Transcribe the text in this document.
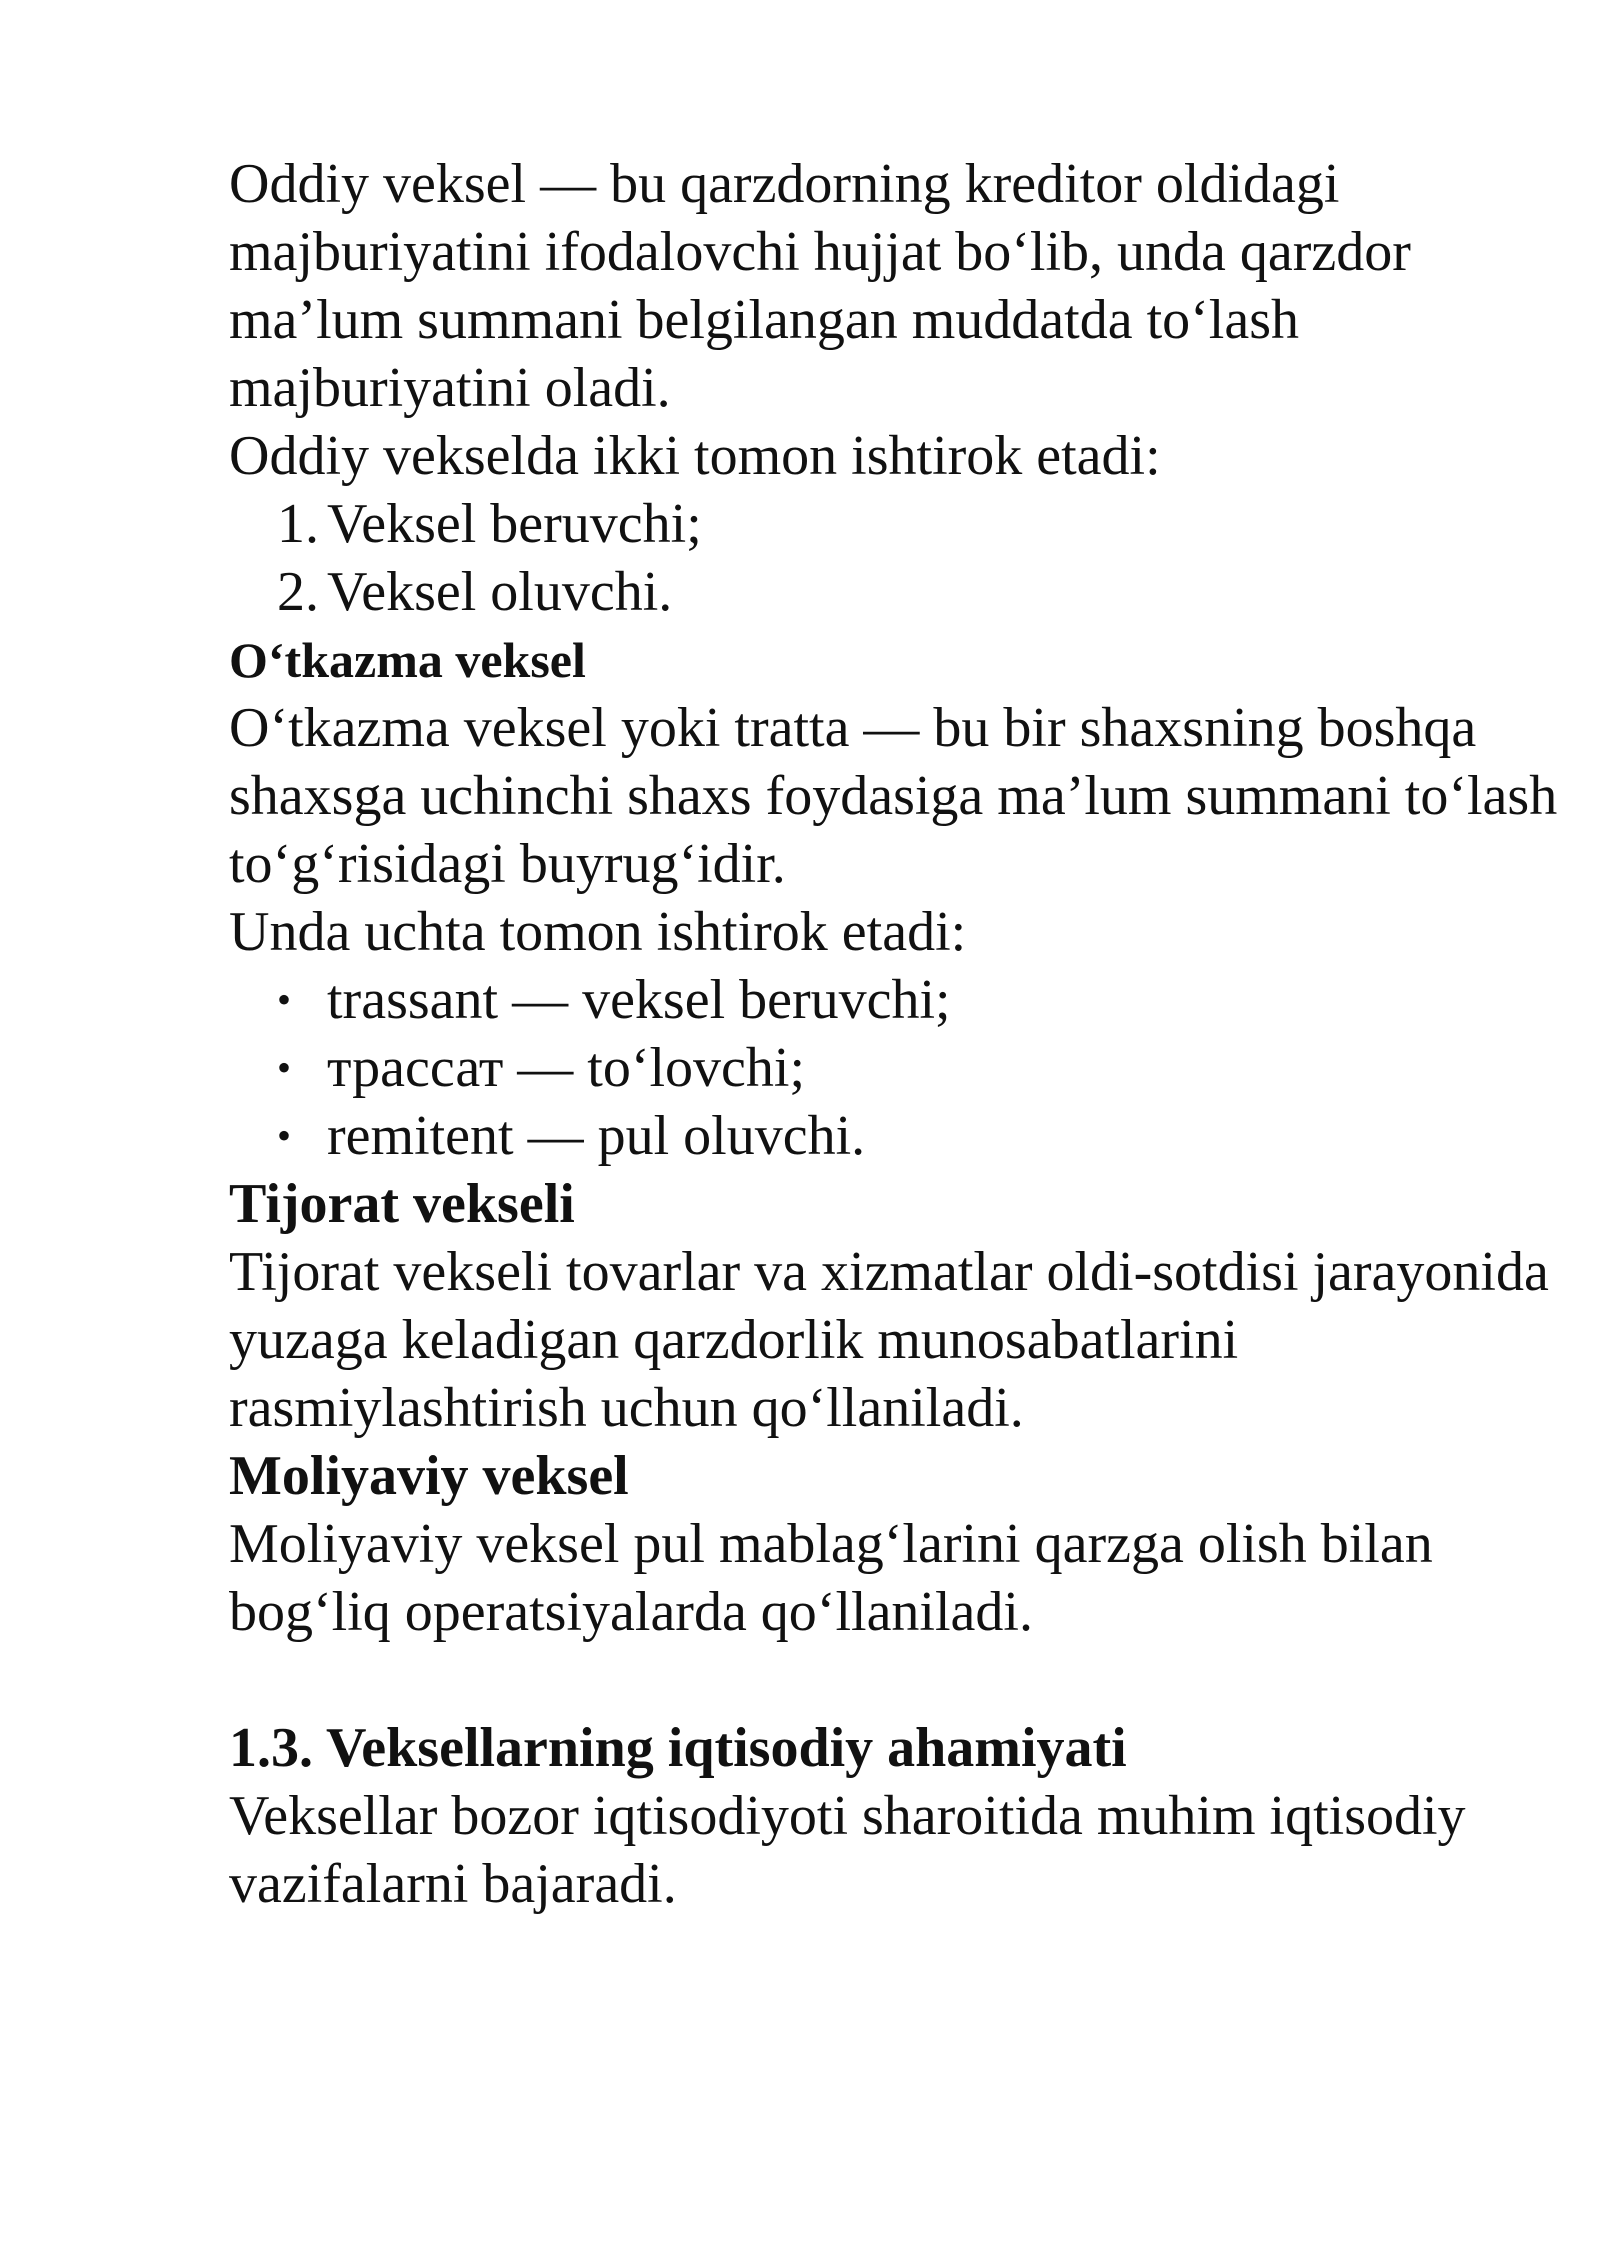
Oddiy veksel — bu qarzdorning kreditor oldidagi majburiyatini ifodalovchi hujjat bo‘lib, unda qarzdor ma’lum summani belgilangan muddatda to‘lash majburiyatini oladi.

Oddiy vekselda ikki tomon ishtirok etadi:

1. Veksel beruvchi;
2. Veksel oluvchi.

O‘tkazma veksel

O‘tkazma veksel yoki tratta — bu bir shaxsning boshqa shaxsga uchinchi shaxs foydasiga ma’lum summani to‘lash to‘g‘risidagi buyrug‘idir.

Unda uchta tomon ishtirok etadi:

• trassant — veksel beruvchi;
• трассат — to‘lovchi;
• remitent — pul oluvchi.

Tijorat vekseli

Tijorat vekseli tovarlar va xizmatlar oldi-sotdisi jarayonida yuzaga keladigan qarzdorlik munosabatlarini rasmiylashtirish uchun qo‘llaniladi.

Moliyaviy veksel

Moliyaviy veksel pul mablag‘larini qarzga olish bilan bog‘liq operatsiyalarda qo‘llaniladi.

1.3. Veksellarning iqtisodiy ahamiyati

Veksellar bozor iqtisodiyoti sharoitida muhim iqtisodiy vazifalarni bajaradi.
